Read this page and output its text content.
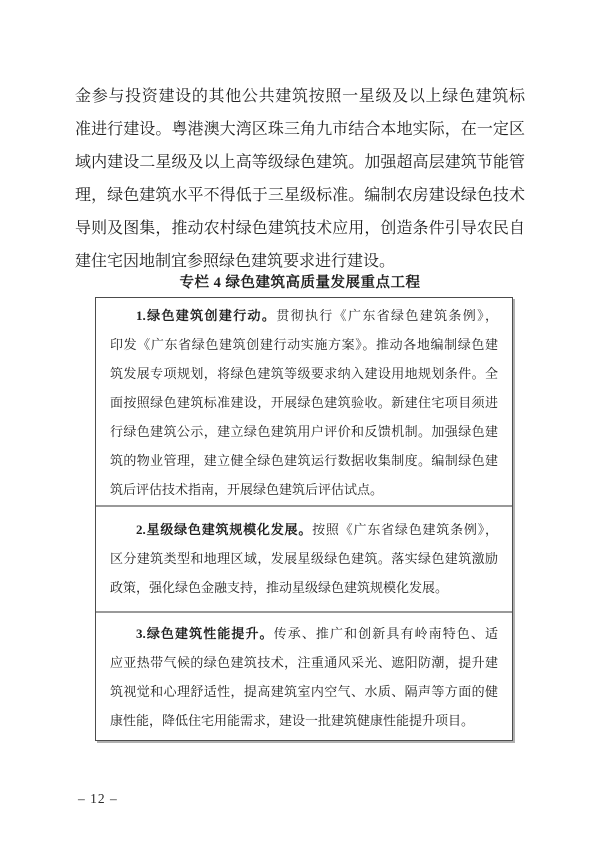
金参与投资建设的其他公共建筑按照一星级及以上绿色建筑标
准进行建设。粤港澳大湾区珠三角九市结合本地实际，在一定区
域内建设二星级及以上高等级绿色建筑。加强超高层建筑节能管
理，绿色建筑水平不得低于三星级标准。编制农房建设绿色技术
导则及图集，推动农村绿色建筑技术应用，创造条件引导农民自
建住宅因地制宜参照绿色建筑要求进行建设。
专栏 4 绿色建筑高质量发展重点工程
1.绿色建筑创建行动。贯彻执行《广东省绿色建筑条例》，
印发《广东省绿色建筑创建行动实施方案》。推动各地编制绿色建
筑发展专项规划，将绿色建筑等级要求纳入建设用地规划条件。全
面按照绿色建筑标准建设，开展绿色建筑验收。新建住宅项目须进
行绿色建筑公示，建立绿色建筑用户评价和反馈机制。加强绿色建
筑的物业管理，建立健全绿色建筑运行数据收集制度。编制绿色建
筑后评估技术指南，开展绿色建筑后评估试点。
2.星级绿色建筑规模化发展。按照《广东省绿色建筑条例》，
区分建筑类型和地理区域，发展星级绿色建筑。落实绿色建筑激励
政策，强化绿色金融支持，推动星级绿色建筑规模化发展。
3.绿色建筑性能提升。传承、推广和创新具有岭南特色、适
应亚热带气候的绿色建筑技术，注重通风采光、遮阳防潮，提升建
筑视觉和心理舒适性，提高建筑室内空气、水质、隔声等方面的健
康性能，降低住宅用能需求，建设一批建筑健康性能提升项目。
– 12 –
